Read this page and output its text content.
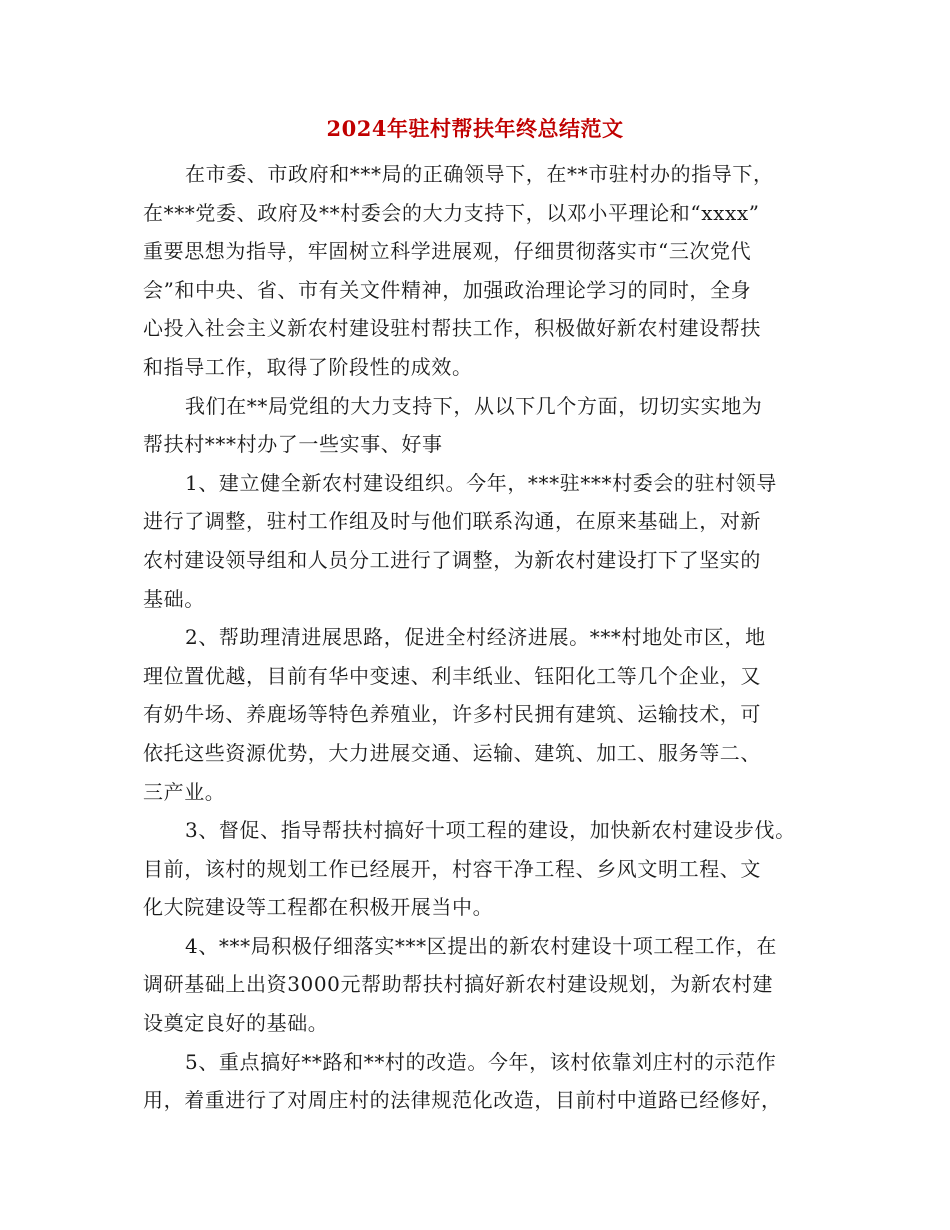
2024年驻村帮扶年终总结范文
在市委、市政府和***局的正确领导下，在**市驻村办的指导下，
在***党委、政府及**村委会的大力支持下，以邓小平理论和“xxxx”
重要思想为指导，牢固树立科学进展观，仔细贯彻落实市“三次党代
会”和中央、省、市有关文件精神，加强政治理论学习的同时，全身
心投入社会主义新农村建设驻村帮扶工作，积极做好新农村建设帮扶
和指导工作，取得了阶段性的成效。
我们在**局党组的大力支持下，从以下几个方面，切切实实地为
帮扶村***村办了一些实事、好事
1、建立健全新农村建设组织。今年，***驻***村委会的驻村领导
进行了调整，驻村工作组及时与他们联系沟通，在原来基础上，对新
农村建设领导组和人员分工进行了调整，为新农村建设打下了坚实的
基础。
2、帮助理清进展思路，促进全村经济进展。***村地处市区，地
理位置优越，目前有华中变速、利丰纸业、钰阳化工等几个企业，又
有奶牛场、养鹿场等特色养殖业，许多村民拥有建筑、运输技术，可
依托这些资源优势，大力进展交通、运输、建筑、加工、服务等二、
三产业。
3、督促、指导帮扶村搞好十项工程的建设，加快新农村建设步伐。
目前，该村的规划工作已经展开，村容干净工程、乡风文明工程、文
化大院建设等工程都在积极开展当中。
4、***局积极仔细落实***区提出的新农村建设十项工程工作，在
调研基础上出资3000元帮助帮扶村搞好新农村建设规划，为新农村建
设奠定良好的基础。
5、重点搞好**路和**村的改造。今年，该村依靠刘庄村的示范作
用，着重进行了对周庄村的法律规范化改造，目前村中道路已经修好，
